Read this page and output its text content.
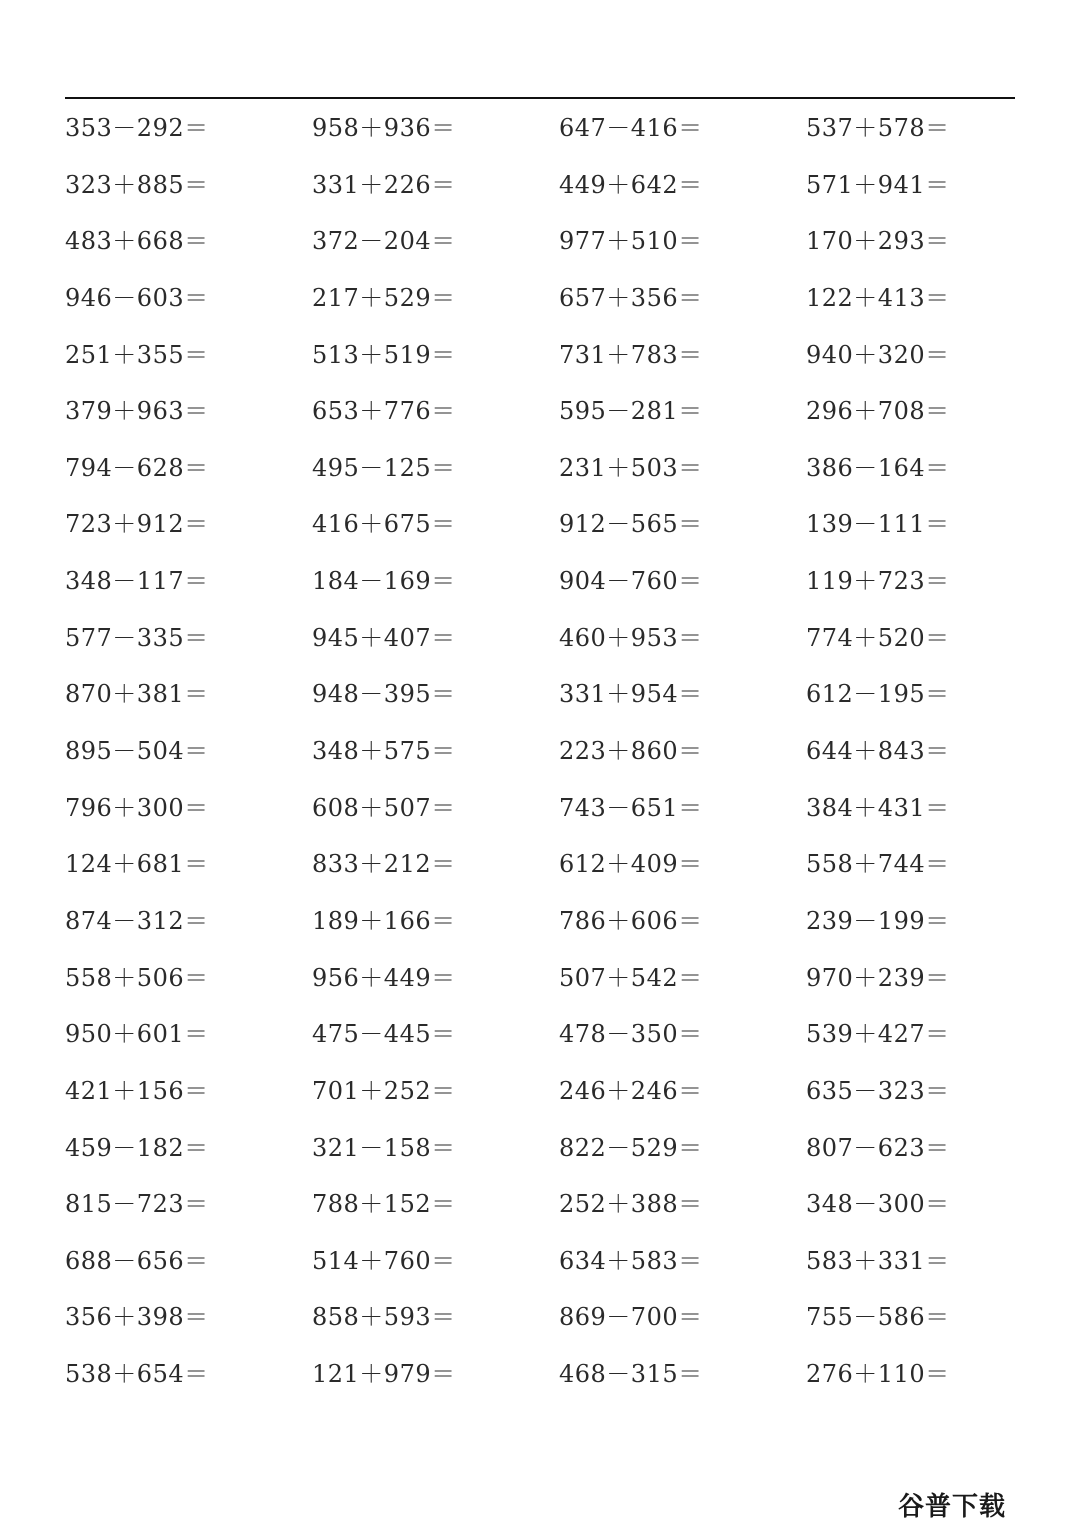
353－292＝	958＋936＝	647－416＝	537＋578＝
323＋885＝	331＋226＝	449＋642＝	571＋941＝
483＋668＝	372－204＝	977＋510＝	170＋293＝
946－603＝	217＋529＝	657＋356＝	122＋413＝
251＋355＝	513＋519＝	731＋783＝	940＋320＝
379＋963＝	653＋776＝	595－281＝	296＋708＝
794－628＝	495－125＝	231＋503＝	386－164＝
723＋912＝	416＋675＝	912－565＝	139－111＝
348－117＝	184－169＝	904－760＝	119＋723＝
577－335＝	945＋407＝	460＋953＝	774＋520＝
870＋381＝	948－395＝	331＋954＝	612－195＝
895－504＝	348＋575＝	223＋860＝	644＋843＝
796＋300＝	608＋507＝	743－651＝	384＋431＝
124＋681＝	833＋212＝	612＋409＝	558＋744＝
874－312＝	189＋166＝	786＋606＝	239－199＝
558＋506＝	956＋449＝	507＋542＝	970＋239＝
950＋601＝	475－445＝	478－350＝	539＋427＝
421＋156＝	701＋252＝	246＋246＝	635－323＝
459－182＝	321－158＝	822－529＝	807－623＝
815－723＝	788＋152＝	252＋388＝	348－300＝
688－656＝	514＋760＝	634＋583＝	583＋331＝
356＋398＝	858＋593＝	869－700＝	755－586＝
538＋654＝	121＋979＝	468－315＝	276＋110＝
谷普下载
